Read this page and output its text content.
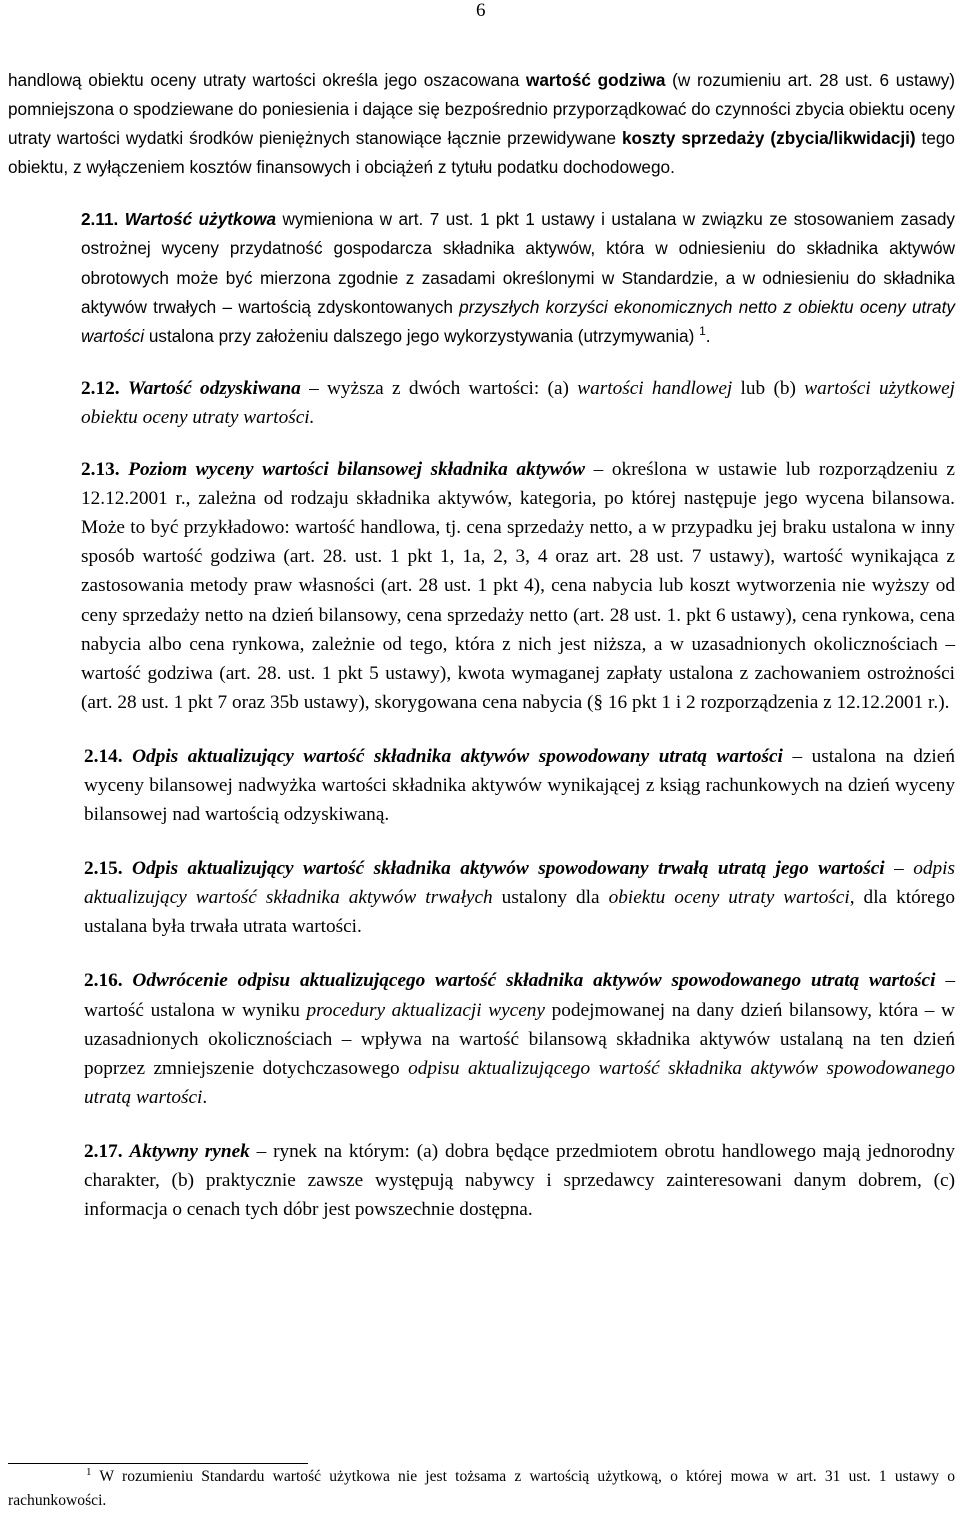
6

handlową obiektu oceny utraty wartości określa jego oszacowana wartość godziwa (w rozumieniu art. 28 ust. 6 ustawy) pomniejszona o spodziewane do poniesienia i dające się bezpośrednio przyporządkować do czynności zbycia obiektu oceny utraty wartości wydatki środków pieniężnych stanowiące łącznie przewidywane koszty sprzedaży (zbycia/likwidacji) tego obiektu, z wyłączeniem kosztów finansowych i obciążeń z tytułu podatku dochodowego.

2.11. Wartość użytkowa wymieniona w art. 7 ust. 1 pkt 1 ustawy i ustalana w związku ze stosowaniem zasady ostrożnej wyceny przydatność gospodarcza składnika aktywów, która w odniesieniu do składnika aktywów obrotowych może być mierzona zgodnie z zasadami określonymi w Standardzie, a w odniesieniu do składnika aktywów trwałych – wartością zdyskontowanych przyszłych korzyści ekonomicznych netto z obiektu oceny utraty wartości ustalona przy założeniu dalszego jego wykorzystywania (utrzymywania) $^1$.

2.12. Wartość odzyskiwana – wyższa z dwóch wartości: (a) wartości handlowej lub (b) wartości użytkowej obiektu oceny utraty wartości.

2.13. Poziom wyceny wartości bilansowej składnika aktywów – określona w ustawie lub rozporządzeniu z 12.12.2001 r., zależna od rodzaju składnika aktywów, kategoria, po której następuje jego wycena bilansowa. Może to być przykładowo: wartość handlowa, tj. cena sprzedaży netto, a w przypadku jej braku ustalona w inny sposób wartość godziwa (art. 28. ust. 1 pkt 1, 1a, 2, 3, 4 oraz art. 28 ust. 7 ustawy), wartość wynikająca z zastosowania metody praw własności (art. 28 ust. 1 pkt 4), cena nabycia lub koszt wytworzenia nie wyższy od ceny sprzedaży netto na dzień bilansowy, cena sprzedaży netto (art. 28 ust. 1. pkt 6 ustawy), cena rynkowa, cena nabycia albo cena rynkowa, zależnie od tego, która z nich jest niższa, a w uzasadnionych okolicznościach – wartość godziwa (art. 28. ust. 1 pkt 5 ustawy), kwota wymaganej zapłaty ustalona z zachowaniem ostrożności (art. 28 ust. 1 pkt 7 oraz 35b ustawy), skorygowana cena nabycia (§ 16 pkt 1 i 2 rozporządzenia z 12.12.2001 r.).

2.14. Odpis aktualizujący wartość składnika aktywów spowodowany utratą wartości – ustalona na dzień wyceny bilansowej nadwyżka wartości składnika aktywów wynikającej z ksiąg rachunkowych na dzień wyceny bilansowej nad wartością odzyskiwaną.

2.15. Odpis aktualizujący wartość składnika aktywów spowodowany trwałą utratą jego wartości – odpis aktualizujący wartość składnika aktywów trwałych ustalony dla obiektu oceny utraty wartości, dla którego ustalana była trwała utrata wartości.

2.16. Odwrócenie odpisu aktualizującego wartość składnika aktywów spowodowanego utratą wartości – wartość ustalona w wyniku procedury aktualizacji wyceny podejmowanej na dany dzień bilansowy, która – w uzasadnionych okolicznościach – wpływa na wartość bilansową składnika aktywów ustalaną na ten dzień poprzez zmniejszenie dotychczasowego odpisu aktualizującego wartość składnika aktywów spowodowanego utratą wartości.

2.17. Aktywny rynek – rynek na którym: (a) dobra będące przedmiotem obrotu handlowego mają jednorodny charakter, (b) praktycznie zawsze występują nabywcy i sprzedawcy zainteresowani danym dobrem, (c) informacja o cenach tych dóbr jest powszechnie dostępna.

$^1$ W rozumieniu Standardu wartość użytkowa nie jest tożsama z wartością użytkową, o której mowa w art. 31 ust. 1 ustawy o rachunkowości.
